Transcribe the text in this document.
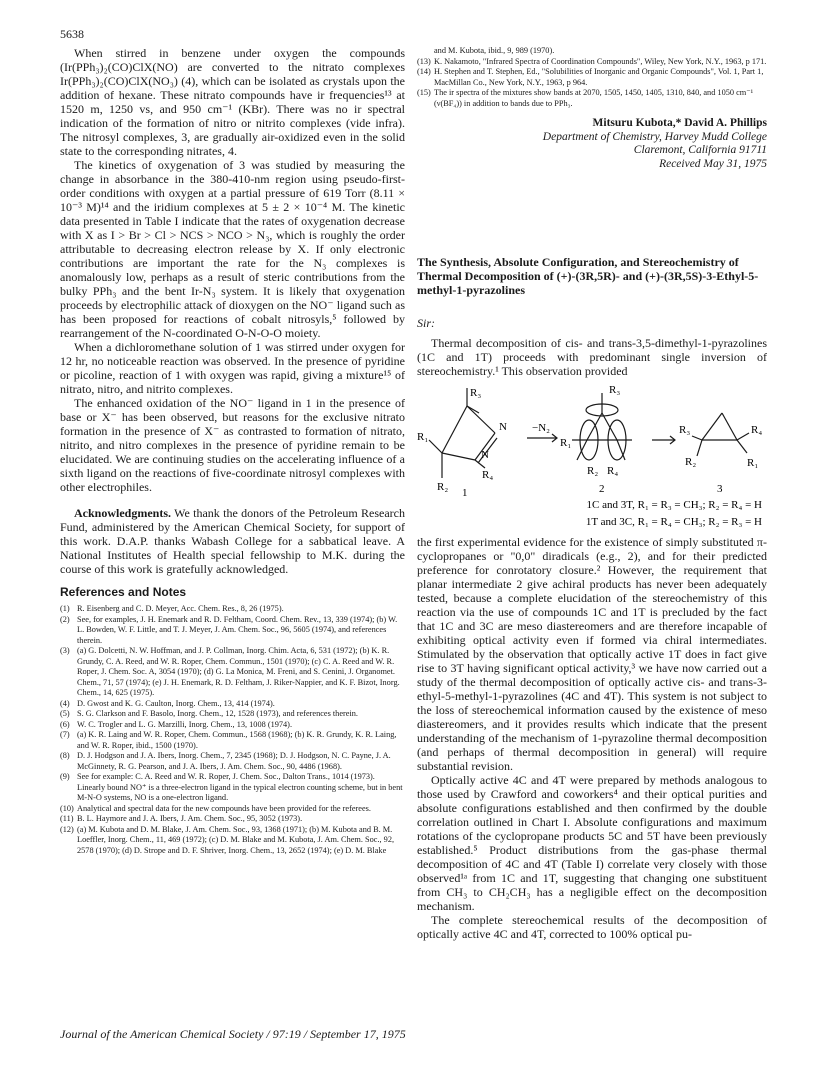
5638

When stirred in benzene under oxygen the compounds (Ir(PPh₃)₂(CO)ClX(NO) are converted to the nitrato complexes Ir(PPh₃)₂(CO)ClX(NO₃) (4), which can be isolated as crystals upon the addition of hexane. These nitrato compounds have ir frequencies¹³ at 1520 m, 1250 vs, and 950 cm⁻¹ (KBr). There was no ir spectral indication of the formation of nitro or nitrito complexes (vide infra). The nitrosyl complexes, 3, are gradually air-oxidized even in the solid state to the corresponding nitrates, 4.

The kinetics of oxygenation of 3 was studied by measuring the change in absorbance in the 380-410-nm region using pseudo-first-order conditions with oxygen at a partial pressure of 619 Torr (8.11 × 10⁻³ M)¹⁴ and the iridium complexes at 5 ± 2 × 10⁻⁴ M. The kinetic data presented in Table I indicate that the rates of oxygenation decrease with X as I > Br > Cl > NCS > NCO > N₃, which is roughly the order attributable to decreasing electron release by X. If only electronic contributions are important the rate for the N₃ complexes is anomalously low, perhaps as a result of steric contributions from the bulky PPh₃ and the bent Ir-N₃ system. It is likely that oxygenation proceeds by electrophilic attack of dioxygen on the NO⁻ ligand such as has been proposed for reactions of cobalt nitrosyls,⁵ followed by rearrangement of the N-coordinated O-N-O-O moiety.

When a dichloromethane solution of 1 was stirred under oxygen for 12 hr, no noticeable reaction was observed. In the presence of pyridine or picoline, reaction of 1 with oxygen was rapid, giving a mixture¹⁵ of nitrato, nitro, and nitrito complexes.

The enhanced oxidation of the NO⁻ ligand in 1 in the presence of base or X⁻ has been observed, but reasons for the exclusive nitrato formation in the presence of X⁻ as contrasted to formation of nitrato, nitrito, and nitro complexes in the presence of pyridine remain to be elucidated. We are continuing studies on the accelerating influence of a sixth ligand on the reactions of five-coordinate nitrosyl complexes with other electrophiles.

Acknowledgments. We thank the donors of the Petroleum Research Fund, administered by the American Chemical Society, for support of this work. D.A.P. thanks Wabash College for a sabbatical leave. A National Institutes of Health special fellowship to M.K. during the course of this work is gratefully acknowledged.

References and Notes
(1) R. Eisenberg and C. D. Meyer, Acc. Chem. Res., 8, 26 (1975).
(2) See, for examples, J. H. Enemark and R. D. Feltham, Coord. Chem. Rev., 13, 339 (1974); (b) W. L. Bowden, W. F. Little, and T. J. Meyer, J. Am. Chem. Soc., 96, 5605 (1974), and references therein.
(3) (a) G. Dolcetti, N. W. Hoffman, and J. P. Collman, Inorg. Chim. Acta, 6, 531 (1972); (b) K. R. Grundy, C. A. Reed, and W. R. Roper, Chem. Commun., 1501 (1970); (c) C. A. Reed and W. R. Roper, J. Chem. Soc. A, 3054 (1970); (d) G. La Monica, M. Freni, and S. Cenini, J. Organomet. Chem., 71, 57 (1974); (e) J. H. Enemark, R. D. Feltham, J. Riker-Nappier, and K. F. Bizot, Inorg. Chem., 14, 625 (1975).
(4) D. Gwost and K. G. Caulton, Inorg. Chem., 13, 414 (1974).
(5) S. G. Clarkson and F. Basolo, Inorg. Chem., 12, 1528 (1973), and references therein.
(6) W. C. Trogler and L. G. Marzilli, Inorg. Chem., 13, 1008 (1974).
(7) (a) K. R. Laing and W. R. Roper, Chem. Commun., 1568 (1968); (b) K. R. Grundy, K. R. Laing, and W. R. Roper, ibid., 1500 (1970).
(8) D. J. Hodgson and J. A. Ibers, Inorg. Chem., 7, 2345 (1968); D. J. Hodgson, N. C. Payne, J. A. McGinnety, R. G. Pearson, and J. A. Ibers, J. Am. Chem. Soc., 90, 4486 (1968).
(9) See for example: C. A. Reed and W. R. Roper, J. Chem. Soc., Dalton Trans., 1014 (1973). Linearly bound NO⁺ is a three-electron ligand in the typical electron counting scheme, but in bent M-N-O systems, NO is a one-electron ligand.
(10) Analytical and spectral data for the new compounds have been provided for the referees.
(11) B. L. Haymore and J. A. Ibers, J. Am. Chem. Soc., 95, 3052 (1973).
(12) (a) M. Kubota and D. M. Blake, J. Am. Chem. Soc., 93, 1368 (1971); (b) M. Kubota and B. M. Loeffler, Inorg. Chem., 11, 469 (1972); (c) D. M. Blake and M. Kubota, J. Am. Chem. Soc., 92, 2578 (1970); (d) D. Strope and D. F. Shriver, Inorg. Chem., 13, 2652 (1974); (e) D. M. Blake
and M. Kubota, ibid., 9, 989 (1970).
(13) K. Nakamoto, "Infrared Spectra of Coordination Compounds", Wiley, New York, N.Y., 1963, p 171.
(14) H. Stephen and T. Stephen, Ed., "Solubilities of Inorganic and Organic Compounds", Vol. 1, Part 1, MacMillan Co., New York, N.Y., 1963, p 964.
(15) The ir spectra of the mixtures show bands at 2070, 1505, 1450, 1405, 1310, 840, and 1050 cm⁻¹ (ν(BF₄)) in addition to bands due to PPh₃.
Mitsuru Kubota,* David A. Phillips
Department of Chemistry, Harvey Mudd College
Claremont, California 91711
Received May 31, 1975
The Synthesis, Absolute Configuration, and Stereochemistry of Thermal Decomposition of (+)-(3R,5R)- and (+)-(3R,5S)-3-Ethyl-5-methyl-1-pyrazolines
Sir:

Thermal decomposition of cis- and trans-3,5-dimethyl-1-pyrazolines (1C and 1T) proceeds with predominant single inversion of stereochemistry.¹ This observation provided

R₃
N
N
R₁
R₂
R₄
−N₂
R₃
R₁
R₂ R₄
R₃
R₂
R₄
R₁
1	2	3
1C and 3T, R₁ = R₃ = CH₃; R₂ = R₄ = H
1T and 3C, R₁ = R₄ = CH₃; R₂ = R₃ = H

the first experimental evidence for the existence of simply substituted π-cyclopropanes or "0,0" diradicals (e.g., 2), and for their predicted preference for conrotatory closure.² However, the requirement that planar intermediate 2 give achiral products has never been adequately tested, because a complete elucidation of the stereochemistry of this reaction via the use of compounds 1C and 1T is precluded by the fact that 1C and 3C are meso diastereomers and are therefore incapable of exhibiting optical activity even if formed via chiral intermediates. Stimulated by the observation that optically active 1T does in fact give rise to 3T having significant optical activity,³ we have now carried out a study of the thermal decomposition of optically active cis- and trans-3-ethyl-5-methyl-1-pyrazolines (4C and 4T). This system is not subject to the loss of stereochemical information caused by the existence of meso diastereomers, and it provides results which indicate that the present understanding of the mechanism of 1-pyrazoline thermal decomposition (and perhaps of thermal decomposition in general) will require substantial revision.

Optically active 4C and 4T were prepared by methods analogous to those used by Crawford and coworkers⁴ and their optical purities and absolute configurations established and then confirmed by the double correlation outlined in Chart I. Absolute configurations and maximum rotations of the cyclopropane products 5C and 5T have been previously established.⁵ Product distributions from the gas-phase thermal decomposition of 4C and 4T (Table I) correlate very closely with those observed¹ᵃ from 1C and 1T, suggesting that changing one substituent from CH₃ to CH₂CH₃ has a negligible effect on the decomposition mechanism.

The complete stereochemical results of the decomposition of optically active 4C and 4T, corrected to 100% optical pu-

Journal of the American Chemical Society / 97:19 / September 17, 1975
